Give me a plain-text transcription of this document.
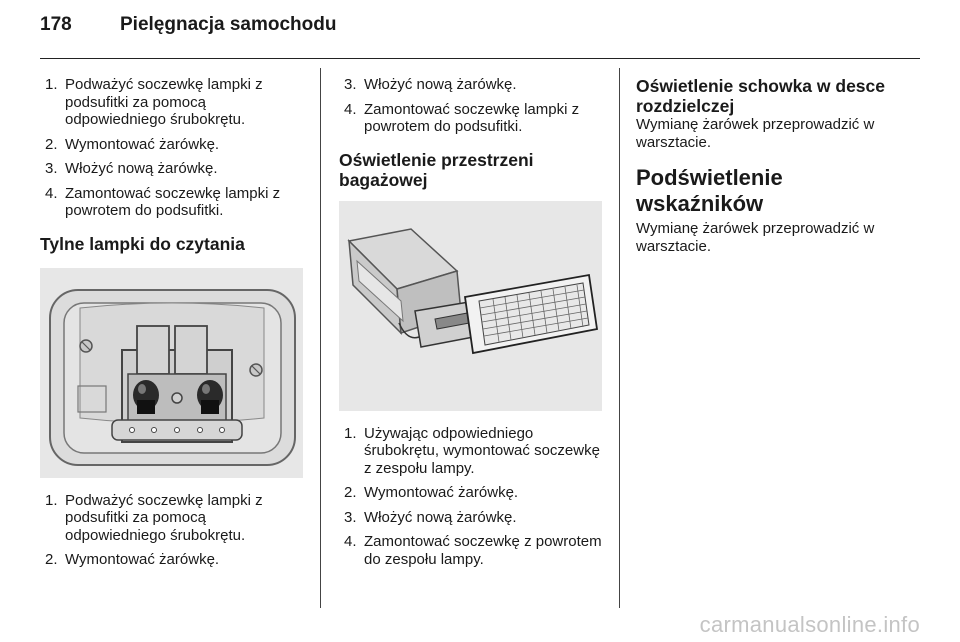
178	Pielęgnacja samochodu
1. Podważyć soczewkę lampki z podsufitki za pomocą odpowiedniego śrubokrętu.
2. Wymontować żarówkę.
3. Włożyć nową żarówkę.
4. Zamontować soczewkę lampki z powrotem do podsufitki.
Tylne lampki do czytania
1. Podważyć soczewkę lampki z podsufitki za pomocą odpowiedniego śrubokrętu.
2. Wymontować żarówkę.
3. Włożyć nową żarówkę.
4. Zamontować soczewkę lampki z powrotem do podsufitki.
Oświetlenie przestrzeni bagażowej
1. Używając odpowiedniego śrubokrętu, wymontować soczewkę z zespołu lampy.
2. Wymontować żarówkę.
3. Włożyć nową żarówkę.
4. Zamontować soczewkę z powrotem do zespołu lampy.
Oświetlenie schowka w desce rozdzielczej

Wymianę żarówek przeprowadzić w warsztacie.

Podświetlenie wskaźników

Wymianę żarówek przeprowadzić w warsztacie.

carmanualsonline.info
